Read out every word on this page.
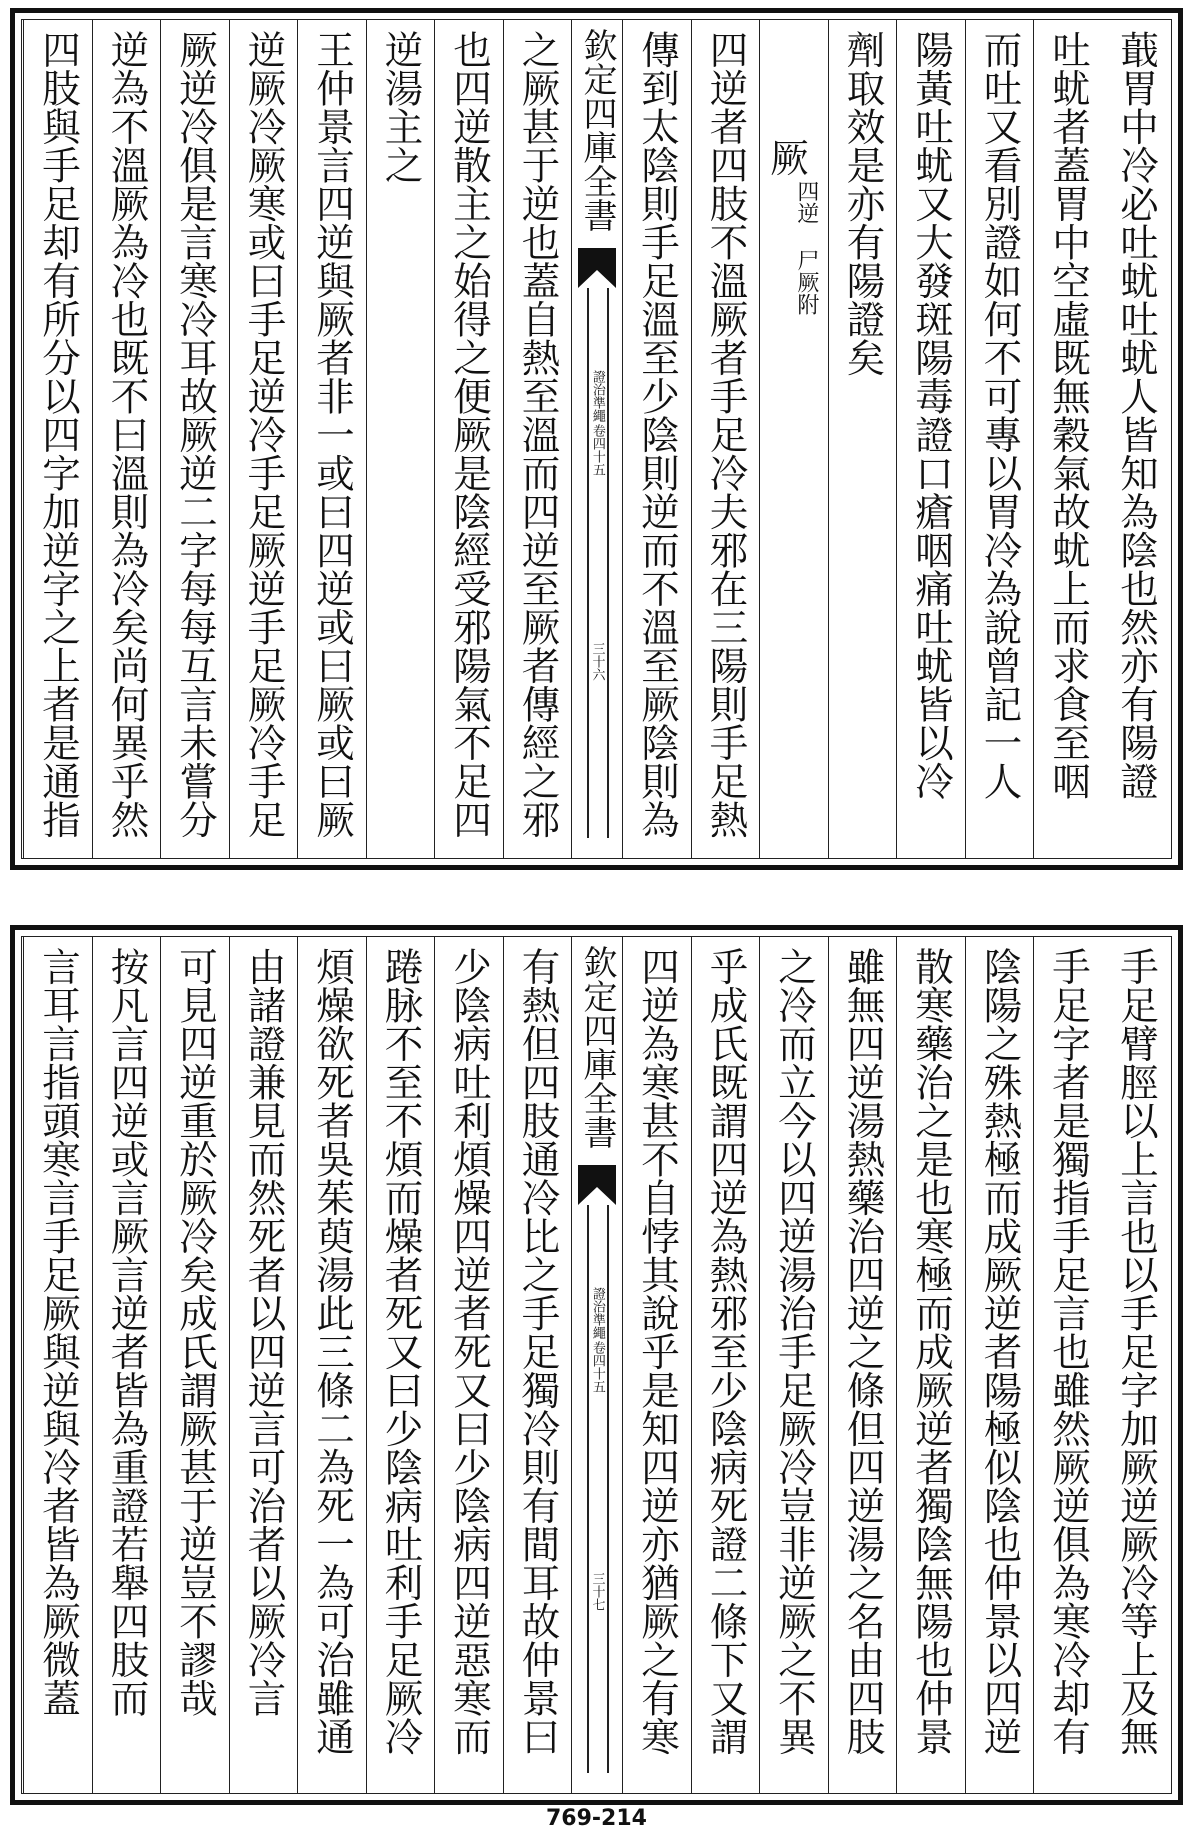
蕺胃中冷必吐蚘吐蚘人皆知為陰也然亦有陽證
吐蚘者蓋胃中空虛既無穀氣故蚘上而求食至咽
而吐又看別證如何不可專以胃冷為說曾記一人
陽黃吐蚘又大發斑陽毒證口瘡咽痛吐蚘皆以冷
劑取效是亦有陽證矣
厥
四逆 尸厥附
四逆者四肢不溫厥者手足冷夫邪在三陽則手足熱
傳到太陰則手足溫至少陰則逆而不溫至厥陰則為
欽定四庫全書
證治準繩
卷四十五
三十六
之厥甚于逆也蓋自熱至溫而四逆至厥者傳經之邪
也四逆散主之始得之便厥是陰經受邪陽氣不足四
逆湯主之
王仲景言四逆與厥者非一或曰四逆或曰厥或曰厥
逆厥冷厥寒或曰手足逆冷手足厥逆手足厥冷手足
厥逆冷俱是言寒冷耳故厥逆二字每每互言未嘗分
逆為不溫厥為冷也既不曰溫則為冷矣尚何異乎然
四肢與手足却有所分以四字加逆字之上者是通指
手足臂脛以上言也以手足字加厥逆厥冷等上及無
手足字者是獨指手足言也雖然厥逆俱為寒冷却有
陰陽之殊熱極而成厥逆者陽極似陰也仲景以四逆
散寒藥治之是也寒極而成厥逆者獨陰無陽也仲景
雖無四逆湯熱藥治四逆之條但四逆湯之名由四肢
之冷而立今以四逆湯治手足厥冷豈非逆厥之不異
乎成氏既謂四逆為熱邪至少陰病死證二條下又謂
四逆為寒甚不自悖其說乎是知四逆亦猶厥之有寒
欽定四庫全書
證治準繩
卷四十五
三十七
有熱但四肢通冷比之手足獨冷則有間耳故仲景曰
少陰病吐利煩燥四逆者死又曰少陰病四逆惡寒而
踡脉不至不煩而燥者死又曰少陰病吐利手足厥冷
煩燥欲死者吳茱萸湯此三條二為死一為可治雖通
由諸證兼見而然死者以四逆言可治者以厥冷言
可見四逆重於厥冷矣成氏謂厥甚于逆豈不謬哉
按凡言四逆或言厥言逆者皆為重證若舉四肢而
言耳言指頭寒言手足厥與逆與冷者皆為厥微蓋
769-214
